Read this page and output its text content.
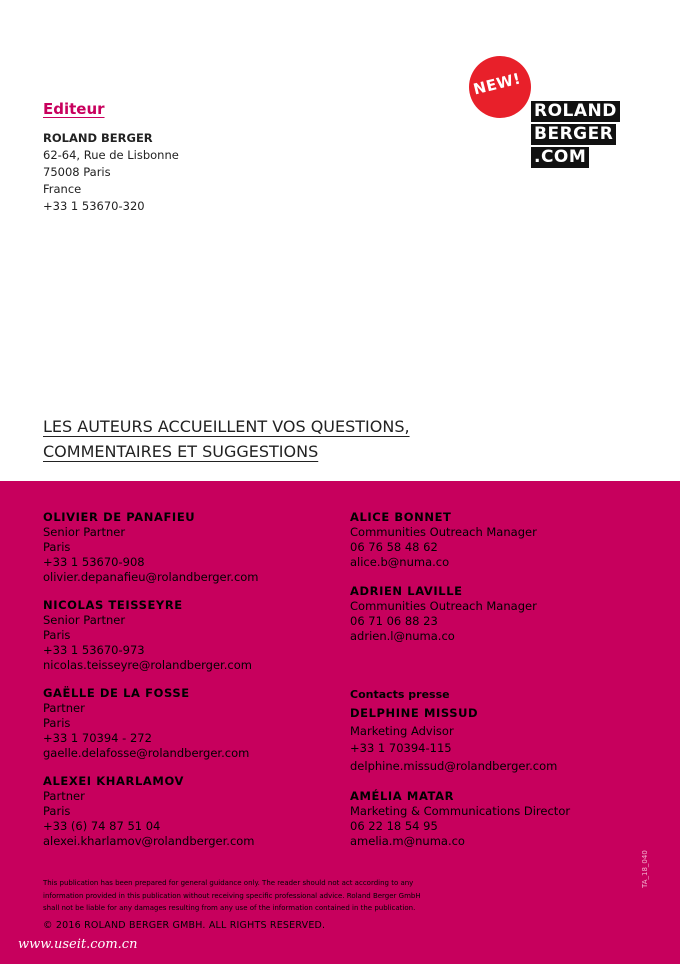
Editeur
ROLAND BERGER
62-64, Rue de Lisbonne
75008 Paris
France
+33 1 53670-320
NEW!
ROLAND
BERGER
.COM
LES AUTEURS ACCUEILLENT VOS QUESTIONS,
COMMENTAIRES ET SUGGESTIONS
OLIVIER DE PANAFIEU
Senior Partner
Paris
+33 1 53670-908
olivier.depanafieu@rolandberger.com
NICOLAS TEISSEYRE
Senior Partner
Paris
+33 1 53670-973
nicolas.teisseyre@rolandberger.com
GAËLLE DE LA FOSSE
Partner
Paris
+33 1 70394 - 272
gaelle.delafosse@rolandberger.com
ALEXEI KHARLAMOV
Partner
Paris
+33 (6) 74 87 51 04
alexei.kharlamov@rolandberger.com
ALICE BONNET
Communities Outreach Manager
06 76 58 48 62
alice.b@numa.co
ADRIEN LAVILLE
Communities Outreach Manager
06 71 06 88 23
adrien.l@numa.co
Contacts presse
DELPHINE MISSUD
Marketing Advisor
+33 1 70394-115
delphine.missud@rolandberger.com
AMÉLIA MATAR
Marketing & Communications Director
06 22 18 54 95
amelia.m@numa.co
This publication has been prepared for general guidance only. The reader should not act according to any
information provided in this publication without receiving specific professional advice. Roland Berger GmbH
shall not be liable for any damages resulting from any use of the information contained in the publication.
© 2016 ROLAND BERGER GMBH. ALL RIGHTS RESERVED.
TA_18_040
www.useit.com.cn
